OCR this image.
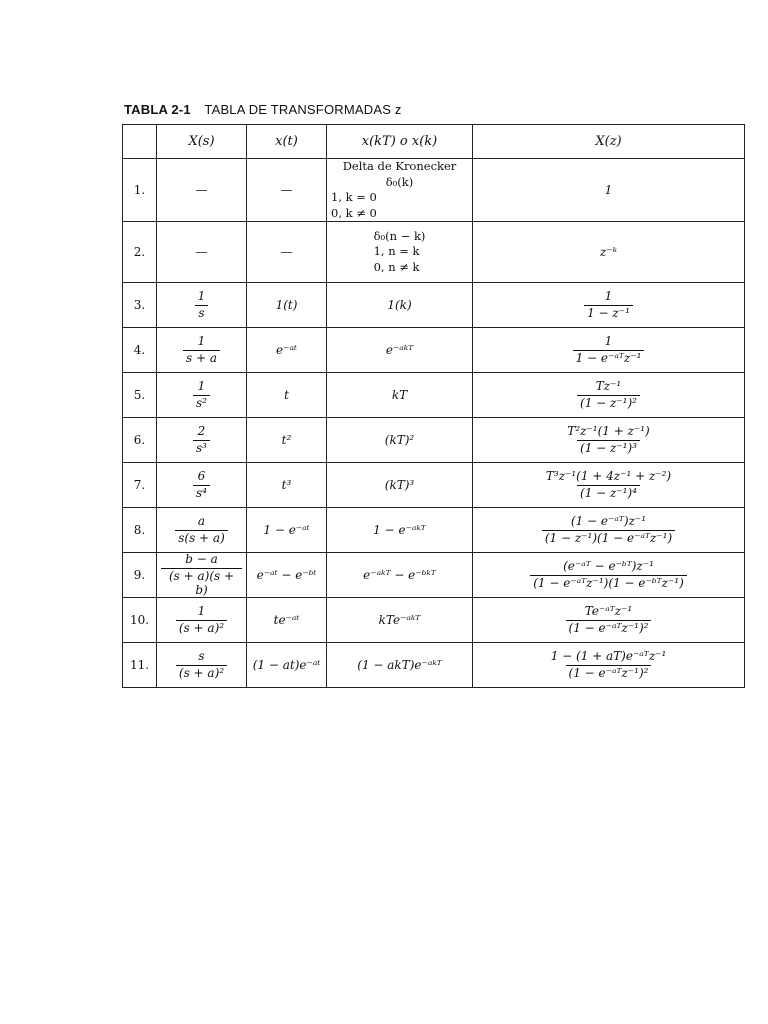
TABLA 2-1 TABLA DE TRANSFORMADAS z
	X(s)	x(t)	x(kT) o x(k)	X(z)
1.	—	—	Delta de Kronecker δ₀(k)
1, k = 0
0, k ≠ 0	1
2.	—	—	δ₀(n − k)
1, n = k
0, n ≠ k	z⁻ᵏ
3.	$\frac{1}{s}$	1(t)	1(k)	$\frac{1}{\text{1 − z⁻¹}}$

4.	$\frac{1}{s + a}$	e⁻ᵃᵗ	e⁻ᵃᵏᵀ	$\frac{1}{\text{1 − e⁻ᵃᵀz⁻¹}}$

5.	$\frac{1}{\text{s²}}$	t	kT	$\frac{\text{Tz⁻¹}}{\text{(1 − z⁻¹)²}}$

6.	$\frac{2}{\text{s³}}$	t²	(kT)²	$\frac{\text{T²z⁻¹(1 + z⁻¹)}}{\text{(1 − z⁻¹)³}}$

7.	$\frac{6}{\text{s⁴}}$	t³	(kT)³	$\frac{\text{T³z⁻¹(1 + 4z⁻¹ + z⁻²)}}{\text{(1 − z⁻¹)⁴}}$

8.	$\frac{a}{s(s + a)}$	1 − e⁻ᵃᵗ	1 − e⁻ᵃᵏᵀ	$\frac{\text{(1 − e⁻ᵃᵀ)z⁻¹}}{\text{(1 − z⁻¹)(1 − e⁻ᵃᵀz⁻¹)}}$

9.	$\frac{b - a}{(s + a)(s + b)}$	e⁻ᵃᵗ − e⁻ᵇᵗ	e⁻ᵃᵏᵀ − e⁻ᵇᵏᵀ	$\frac{\text{(e⁻ᵃᵀ − e⁻ᵇᵀ)z⁻¹}}{\text{(1 − e⁻ᵃᵀz⁻¹)(1 − e⁻ᵇᵀz⁻¹)}}$

10.	$\frac{1}{\text{(s + a)²}}$	te⁻ᵃᵗ	kTe⁻ᵃᵏᵀ	$\frac{\text{Te⁻ᵃᵀz⁻¹}}{\text{(1 − e⁻ᵃᵀz⁻¹)²}}$

11.	$\frac{s}{\text{(s + a)²}}$	(1 − at)e⁻ᵃᵗ	(1 − akT)e⁻ᵃᵏᵀ	$\frac{\text{1 − (1 + aT)e⁻ᵃᵀz⁻¹}}{\text{(1 − e⁻ᵃᵀz⁻¹)²}}$
